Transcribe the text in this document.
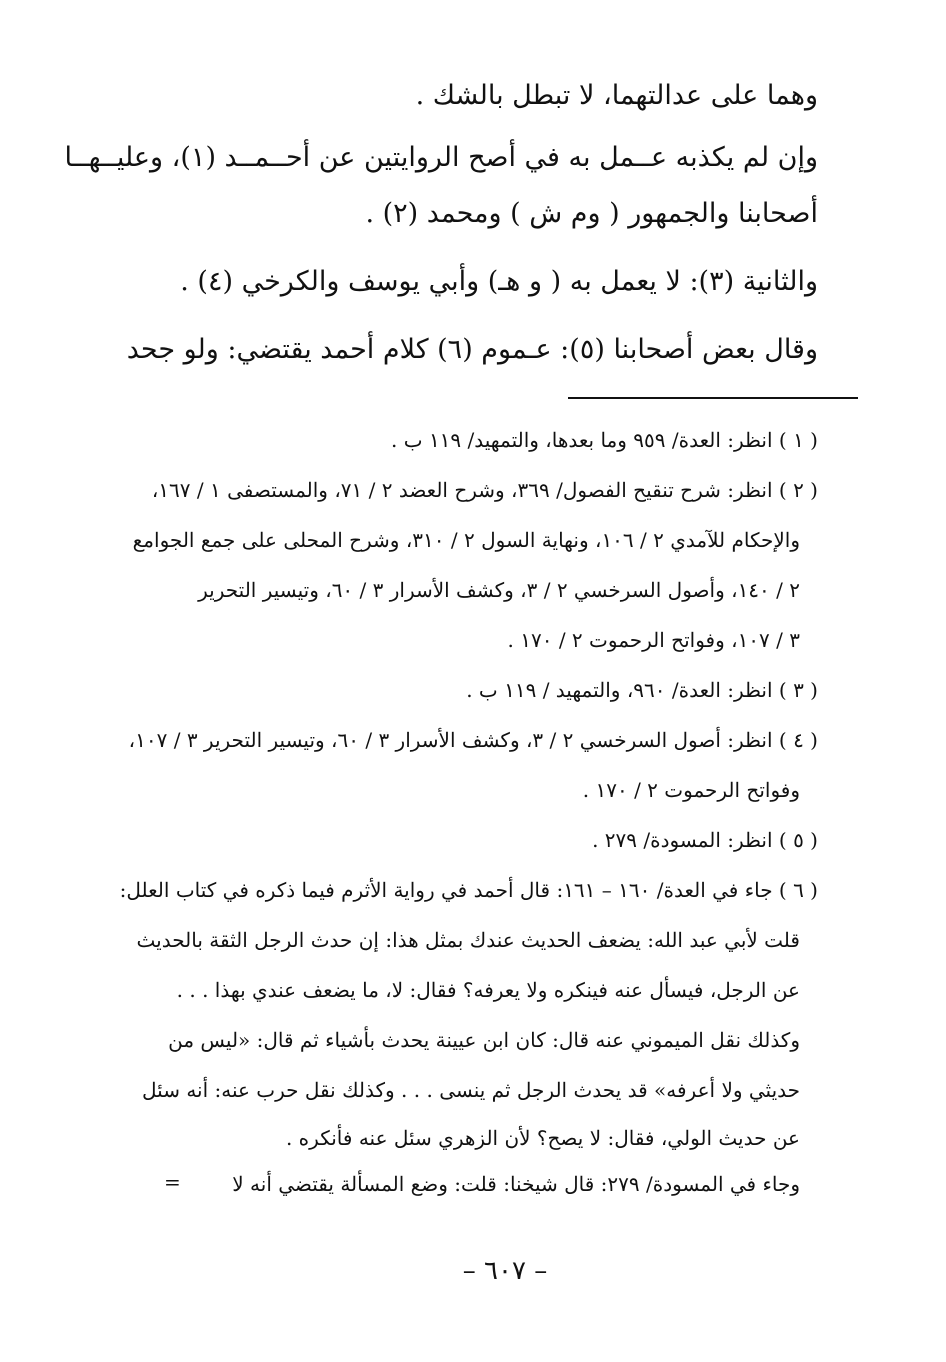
وهما على عدالتهما، لا تبطل بالشك .
وإن لم يكذبه عــمل به في أصح الروايتين عن أحــمــد (١)، وعليــهــا
أصحابنا والجمهور ( وم ش ) ومحمد (٢) .
والثانية (٣): لا يعمل به ( و هـ) وأبي يوسف والكرخي (٤) .
وقال بعض أصحابنا (٥): عـموم (٦) كلام أحمد يقتضي: ولو جحد
( ١ ) انظر: العدة/ ٩٥٩ وما بعدها، والتمهيد/ ١١٩ ب .
( ٢ ) انظر: شرح تنقيح الفصول/ ٣٦٩، وشرح العضد ٢ / ٧١، والمستصفى ١ / ١٦٧،
والإحكام للآمدي ٢ / ١٠٦، ونهاية السول ٢ / ٣١٠، وشرح المحلى على جمع الجوامع
٢ / ١٤٠، وأصول السرخسي ٢ / ٣، وكشف الأسرار ٣ / ٦٠، وتيسير التحرير
٣ / ١٠٧، وفواتح الرحموت ٢ / ١٧٠ .
( ٣ ) انظر: العدة/ ٩٦٠، والتمهيد / ١١٩ ب .
( ٤ ) انظر: أصول السرخسي ٢ / ٣، وكشف الأسرار ٣ / ٦٠، وتيسير التحرير ٣ / ١٠٧،
وفواتح الرحموت ٢ / ١٧٠ .
( ٥ ) انظر: المسودة/ ٢٧٩ .
( ٦ ) جاء في العدة/ ١٦٠ – ١٦١: قال أحمد في رواية الأثرم فيما ذكره في كتاب العلل:
قلت لأبي عبد الله: يضعف الحديث عندك بمثل هذا: إن حدث الرجل الثقة بالحديث
عن الرجل، فيسأل عنه فينكره ولا يعرفه؟ فقال: لا، ما يضعف عندي بهذا . . .
وكذلك نقل الميموني عنه قال: كان ابن عيينة يحدث بأشياء ثم قال: «ليس من
حديثي ولا أعرفه» قد يحدث الرجل ثم ينسى . . . وكذلك نقل حرب عنه: أنه سئل
عن حديث الولي، فقال: لا يصح؟ لأن الزهري سئل عنه فأنكره .
وجاء في المسودة/ ٢٧٩: قال شيخنا: قلت: وضع المسألة يقتضي أنه لا
=
– ٦٠٧ –
